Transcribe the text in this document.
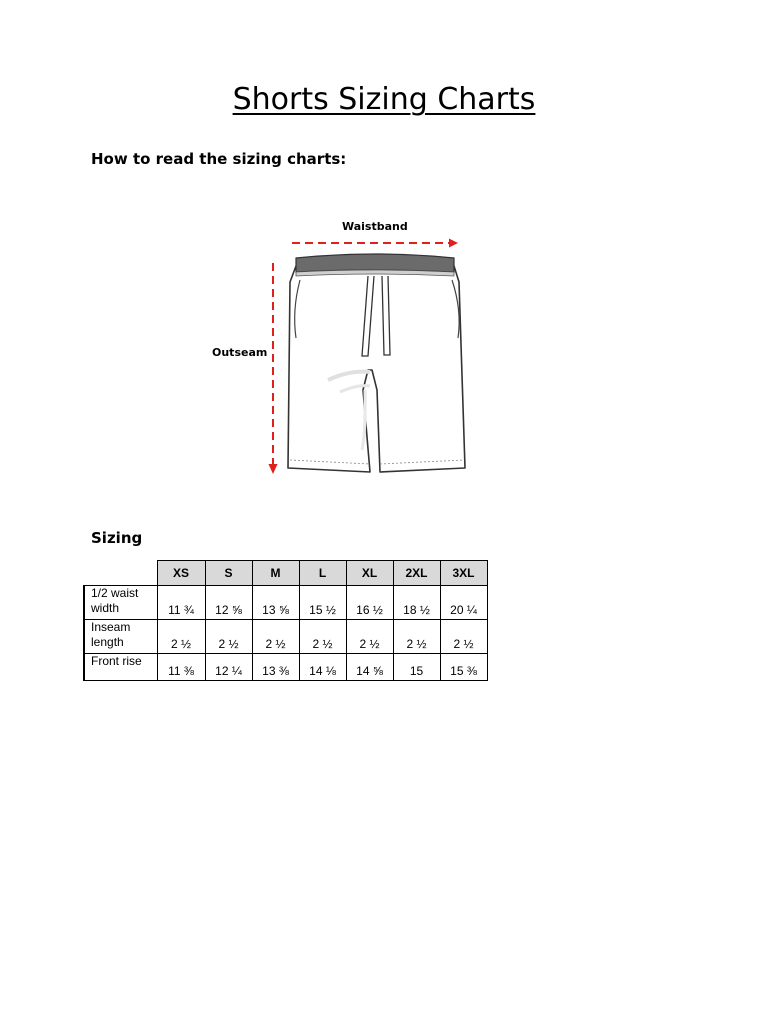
Shorts Sizing Charts
How to read the sizing charts:
Waistband
Outseam
Sizing
	XS	S	M	L	XL	2XL	3XL
1/2 waist width	11 ¾	12 ⅝	13 ⅝	15 ½	16 ½	18 ½	20 ¼
Inseam length	2 ½	2 ½	2 ½	2 ½	2 ½	2 ½	2 ½
Front rise	11 ⅜	12 ¼	13 ⅜	14 ⅛	14 ⅝	15	15 ⅜
